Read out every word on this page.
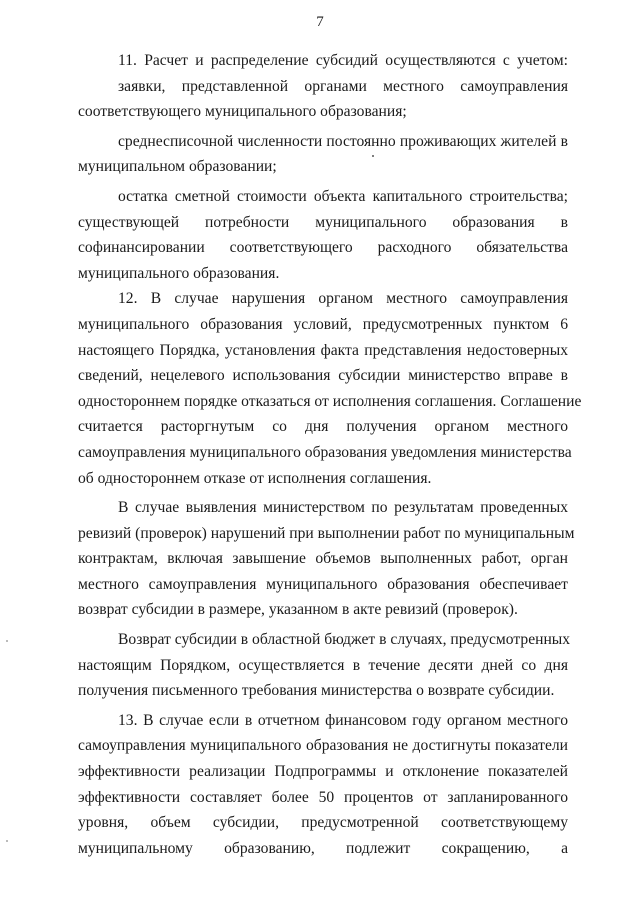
7
11. Расчет и распределение субсидий осуществляются с учетом:
заявки, представленной органами местного самоуправления
соответствующего муниципального образования;
среднесписочной численности постоянно проживающих жителей в
муниципальном образовании;
остатка сметной стоимости объекта капитального строительства;
существующей потребности муниципального образования в
софинансировании соответствующего расходного обязательства
муниципального образования.
12. В случае нарушения органом местного самоуправления
муниципального образования условий, предусмотренных пунктом 6
настоящего Порядка, установления факта представления недостоверных
сведений, нецелевого использования субсидии министерство вправе в
одностороннем порядке отказаться от исполнения соглашения. Соглашение
считается расторгнутым со дня получения органом местного
самоуправления муниципального образования уведомления министерства
об одностороннем отказе от исполнения соглашения.
В случае выявления министерством по результатам проведенных
ревизий (проверок) нарушений при выполнении работ по муниципальным
контрактам, включая завышение объемов выполненных работ, орган
местного самоуправления муниципального образования обеспечивает
возврат субсидии в размере, указанном в акте ревизий (проверок).
Возврат субсидии в областной бюджет в случаях, предусмотренных
настоящим Порядком, осуществляется в течение десяти дней со дня
получения письменного требования министерства о возврате субсидии.
13. В случае если в отчетном финансовом году органом местного
самоуправления муниципального образования не достигнуты показатели
эффективности реализации Подпрограммы и отклонение показателей
эффективности составляет более 50 процентов от запланированного
уровня, объем субсидии, предусмотренной соответствующему
муниципальному образованию, подлежит сокращению, а
